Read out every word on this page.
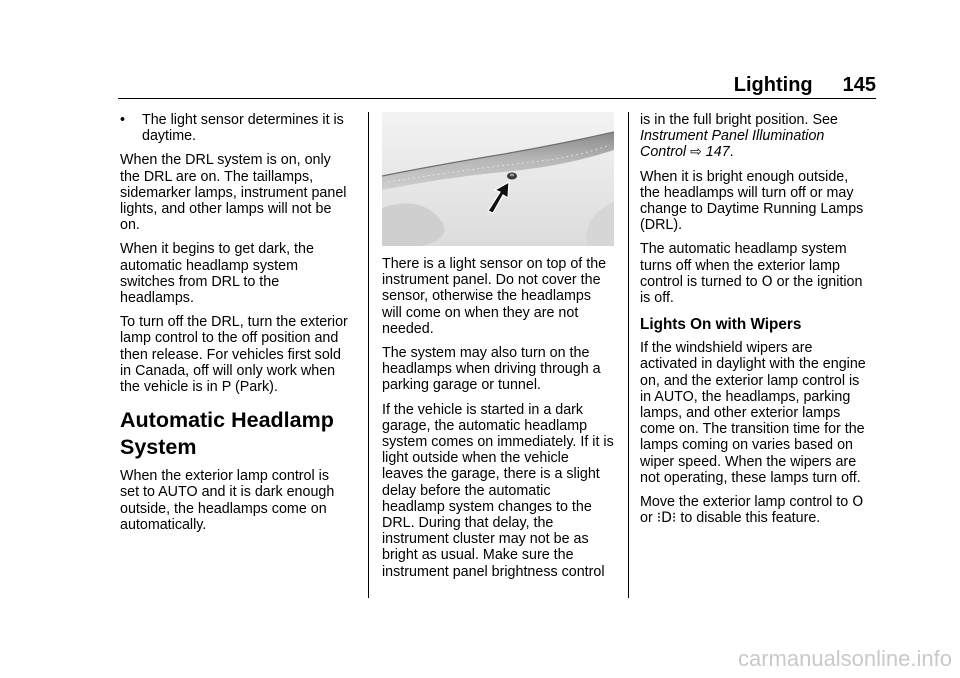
Lighting 145
•	The light sensor determines it is daytime.

When the DRL system is on, only the DRL are on. The taillamps, sidemarker lamps, instrument panel lights, and other lamps will not be on.

When it begins to get dark, the automatic headlamp system switches from DRL to the headlamps.

To turn off the DRL, turn the exterior lamp control to the off position and then release. For vehicles first sold in Canada, off will only work when the vehicle is in P (Park).

Automatic Headlamp System

When the exterior lamp control is set to AUTO and it is dark enough outside, the headlamps come on automatically.

There is a light sensor on top of the instrument panel. Do not cover the sensor, otherwise the headlamps will come on when they are not needed.

The system may also turn on the headlamps when driving through a parking garage or tunnel.

If the vehicle is started in a dark garage, the automatic headlamp system comes on immediately. If it is light outside when the vehicle leaves the garage, there is a slight delay before the automatic headlamp system changes to the DRL. During that delay, the instrument cluster may not be as bright as usual. Make sure the instrument panel brightness control

is in the full bright position. See
Instrument Panel Illumination Control ⇨ 147.

When it is bright enough outside, the headlamps will turn off or may change to Daytime Running Lamps (DRL).

The automatic headlamp system turns off when the exterior lamp control is turned to O or the ignition is off.

Lights On with Wipers

If the windshield wipers are activated in daylight with the engine on, and the exterior lamp control is in AUTO, the headlamps, parking lamps, and other exterior lamps come on. The transition time for the lamps coming on varies based on wiper speed. When the wipers are not operating, these lamps turn off.

Move the exterior lamp control to O or ⁝D⁝ to disable this feature.

carmanualsonline.info
